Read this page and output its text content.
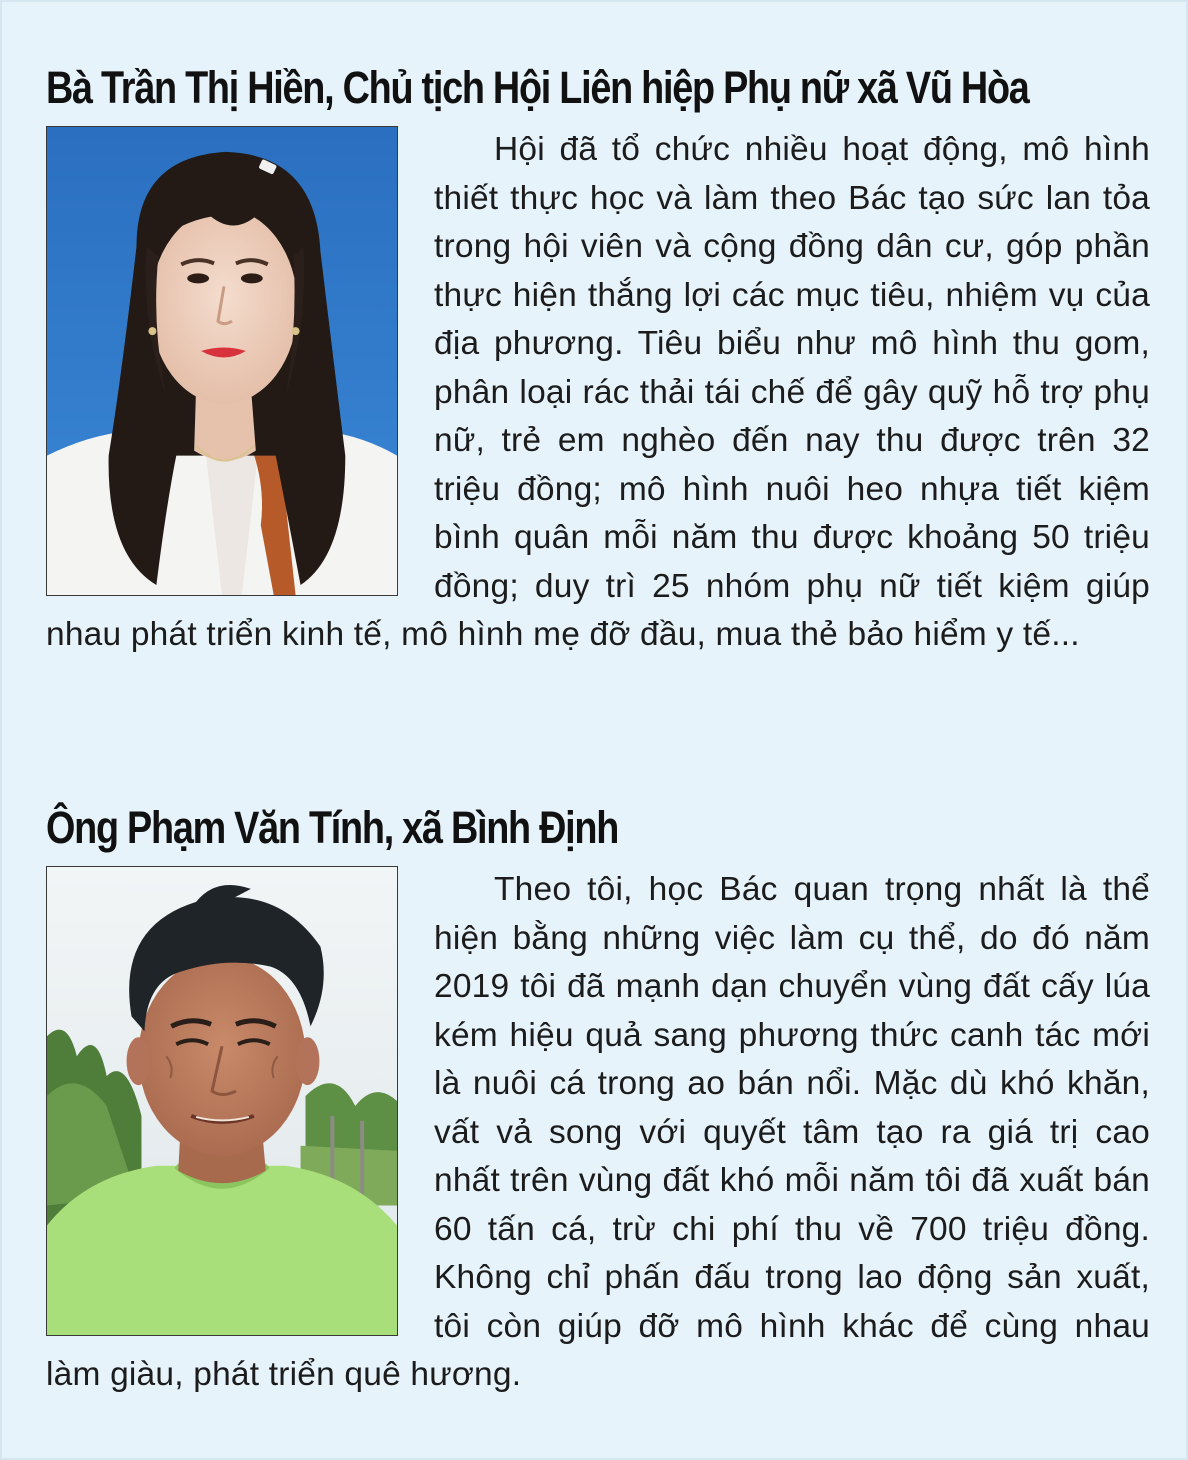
Bà Trần Thị Hiền, Chủ tịch Hội Liên hiệp Phụ nữ xã Vũ Hòa

Hội đã tổ chức nhiều hoạt động, mô hình thiết thực học và làm theo Bác tạo sức lan tỏa trong hội viên và cộng đồng dân cư, góp phần thực hiện thắng lợi các mục tiêu, nhiệm vụ của địa phương. Tiêu biểu như mô hình thu gom, phân loại rác thải tái chế để gây quỹ hỗ trợ phụ nữ, trẻ em nghèo đến nay thu được trên 32 triệu đồng; mô hình nuôi heo nhựa tiết kiệm bình quân mỗi năm thu được khoảng 50 triệu đồng; duy trì 25 nhóm phụ nữ tiết kiệm giúp nhau phát triển kinh tế, mô hình mẹ đỡ đầu, mua thẻ bảo hiểm y tế...

Ông Phạm Văn Tính, xã Bình Định

Theo tôi, học Bác quan trọng nhất là thể hiện bằng những việc làm cụ thể, do đó năm 2019 tôi đã mạnh dạn chuyển vùng đất cấy lúa kém hiệu quả sang phương thức canh tác mới là nuôi cá trong ao bán nổi. Mặc dù khó khăn, vất vả song với quyết tâm tạo ra giá trị cao nhất trên vùng đất khó mỗi năm tôi đã xuất bán 60 tấn cá, trừ chi phí thu về 700 triệu đồng. Không chỉ phấn đấu trong lao động sản xuất, tôi còn giúp đỡ mô hình khác để cùng nhau làm giàu, phát triển quê hương.
